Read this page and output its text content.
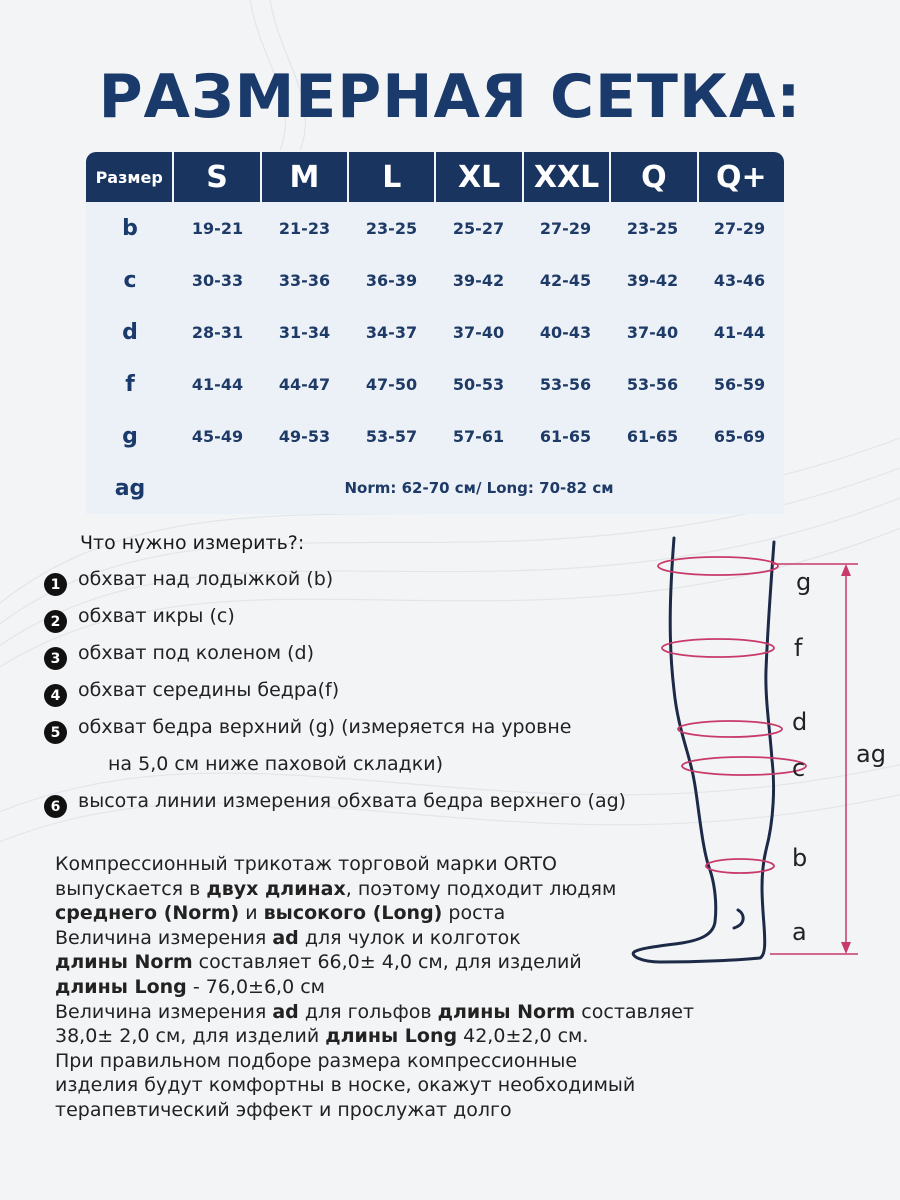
РАЗМЕРНАЯ СЕТКА:
Размер	S	M	L	XL	XXL	Q	Q+
b	19-21	21-23	23-25	25-27	27-29	23-25	27-29
c	30-33	33-36	36-39	39-42	42-45	39-42	43-46
d	28-31	31-34	34-37	37-40	40-43	37-40	41-44
f	41-44	44-47	47-50	50-53	53-56	53-56	56-59
g	45-49	49-53	53-57	57-61	61-65	61-65	65-69
ag	Norm: 62-70 см/ Long: 70-82 см
Что нужно измерить?:
1 обхват над лодыжкой (b)
2 обхват икры (c)
3 обхват под коленом (d)
4 обхват середины бедра(f)
5 обхват бедра верхний (g) (измеряется на уровне
на 5,0 см ниже паховой складки)
6 высота линии измерения обхвата бедра верхнего (ag)
Компрессионный трикотаж торговой марки ORTO
выпускается в двух длинах, поэтому подходит людям
среднего (Norm) и высокого (Long) роста
Величина измерения ad для чулок и колготок
длины Norm составляет 66,0± 4,0 см, для изделий
длины Long - 76,0±6,0 см
Величина измерения ad для гольфов длины Norm составляет
38,0± 2,0 см, для изделий длины Long 42,0±2,0 см.
При правильном подборе размера компрессионные
изделия будут комфортны в носке, окажут необходимый
терапевтический эффект и прослужат долго
g
f
d
c
b
a
ag
